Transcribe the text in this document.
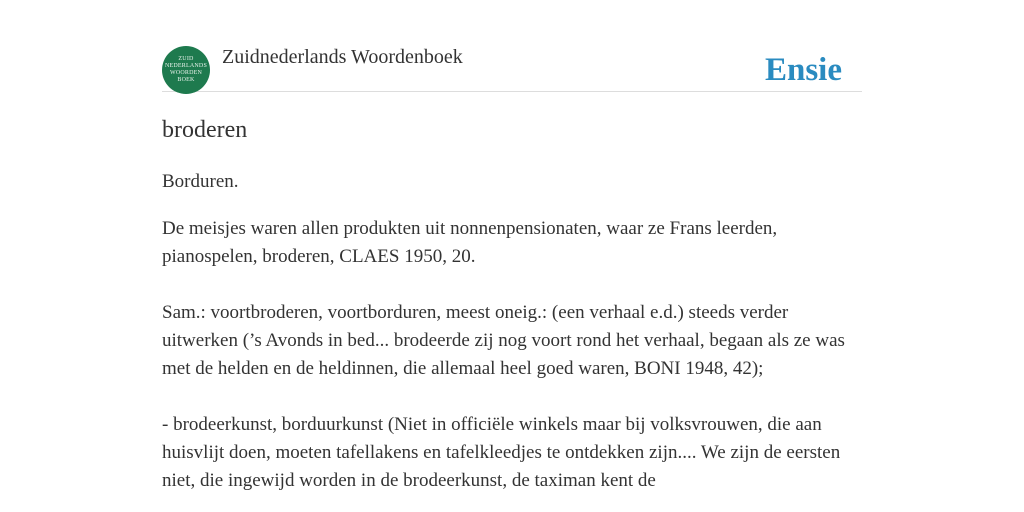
ZUID
NEDERLANDS
WOORDEN
BOEK
Zuidnederlands Woordenboek	Ensie
broderen

Borduren.

De meisjes waren allen produkten uit nonnenpensionaten, waar ze Frans leerden, pianospelen, broderen, CLAES 1950, 20.

Sam.: voortbroderen, voortborduren, meest oneig.: (een verhaal e.d.) steeds verder uitwerken (’s Avonds in bed... brodeerde zij nog voort rond het verhaal, begaan als ze was met de helden en de heldinnen, die allemaal heel goed waren, BONI 1948, 42);

- brodeerkunst, borduurkunst (Niet in officiële winkels maar bij volksvrouwen, die aan huisvlijt doen, moeten tafellakens en tafelkleedjes te ontdekken zijn.... We zijn de eersten niet, die ingewijd worden in de brodeerkunst, de taximan kent de
